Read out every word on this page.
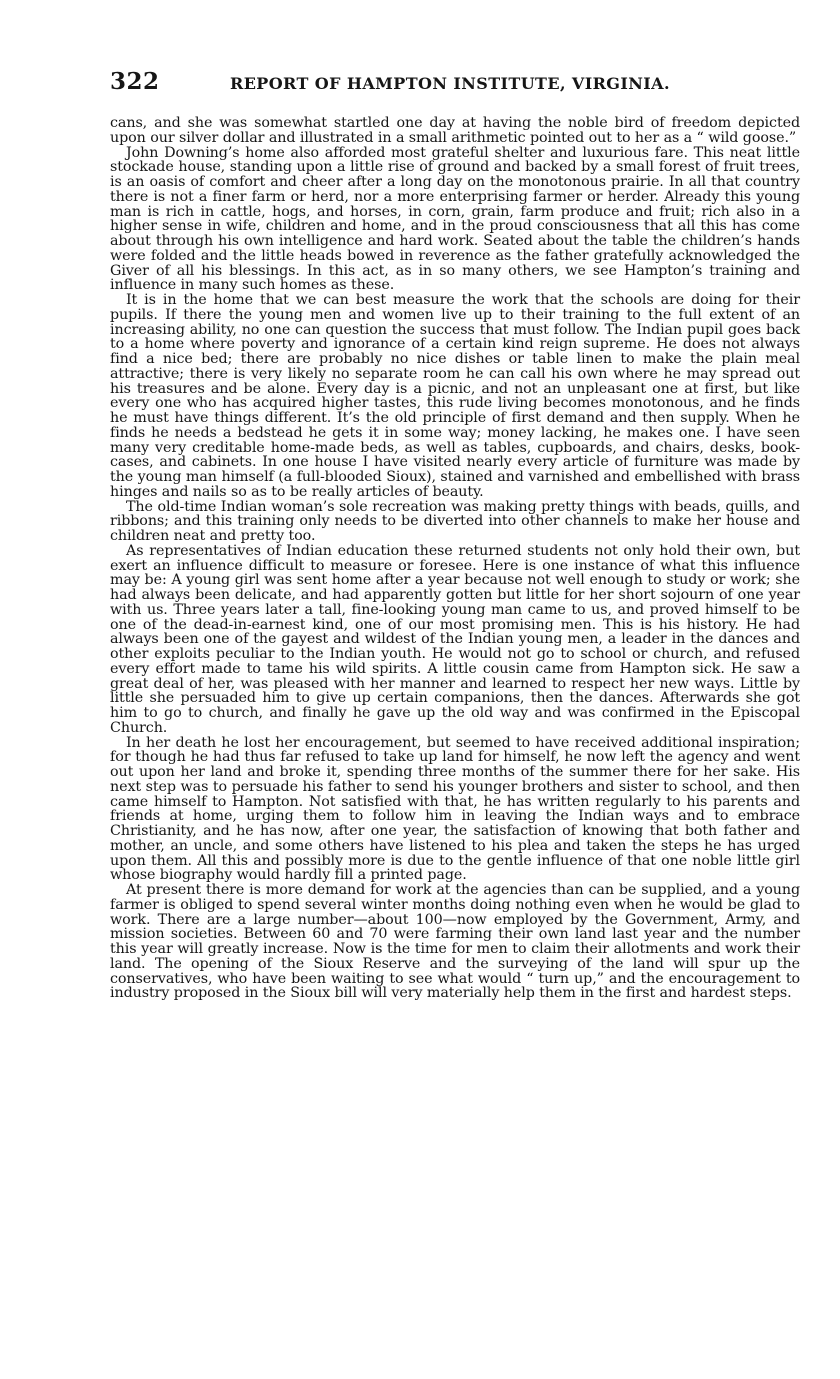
322	REPORT OF HAMPTON INSTITUTE, VIRGINIA.

cans, and she was somewhat startled one day at having the noble bird of freedom depicted upon our silver dollar and illustrated in a small arithmetic pointed out to her as a “ wild goose.”

John Downing’s home also afforded most grateful shelter and luxurious fare. This neat little stockade house, standing upon a little rise of ground and backed by a small forest of fruit trees, is an oasis of comfort and cheer after a long day on the monotonous prairie. In all that country there is not a finer farm or herd, nor a more enterprising farmer or herder. Already this young man is rich in cattle, hogs, and horses, in corn, grain, farm produce and fruit; rich also in a higher sense in wife, children and home, and in the proud consciousness that all this has come about through his own intelligence and hard work. Seated about the table the children’s hands were folded and the little heads bowed in reverence as the father gratefully acknowledged the Giver of all his blessings. In this act, as in so many others, we see Hampton’s training and influence in many such homes as these.

It is in the home that we can best measure the work that the schools are doing for their pupils. If there the young men and women live up to their training to the full extent of an increasing ability, no one can question the success that must follow. The Indian pupil goes back to a home where poverty and ignorance of a certain kind reign supreme. He does not always find a nice bed; there are probably no nice dishes or table linen to make the plain meal attractive; there is very likely no separate room he can call his own where he may spread out his treasures and be alone. Every day is a picnic, and not an unpleasant one at first, but like every one who has acquired higher tastes, this rude living becomes monotonous, and he finds he must have things different. It’s the old principle of first demand and then supply. When he finds he needs a bedstead he gets it in some way; money lacking, he makes one. I have seen many very creditable home-made beds, as well as tables, cupboards, and chairs, desks, book-cases, and cabinets. In one house I have visited nearly every article of furniture was made by the young man himself (a full-blooded Sioux), stained and varnished and embellished with brass hinges and nails so as to be really articles of beauty.

The old-time Indian woman’s sole recreation was making pretty things with beads, quills, and ribbons; and this training only needs to be diverted into other channels to make her house and children neat and pretty too.

As representatives of Indian education these returned students not only hold their own, but exert an influence difficult to measure or foresee. Here is one instance of what this influence may be: A young girl was sent home after a year because not well enough to study or work; she had always been delicate, and had apparently gotten but little for her short sojourn of one year with us. Three years later a tall, fine-looking young man came to us, and proved himself to be one of the dead-in-earnest kind, one of our most promising men. This is his history. He had always been one of the gayest and wildest of the Indian young men, a leader in the dances and other exploits peculiar to the Indian youth. He would not go to school or church, and refused every effort made to tame his wild spirits. A little cousin came from Hampton sick. He saw a great deal of her, was pleased with her manner and learned to respect her new ways. Little by little she persuaded him to give up certain companions, then the dances. Afterwards she got him to go to church, and finally he gave up the old way and was confirmed in the Episcopal Church.

In her death he lost her encouragement, but seemed to have received additional inspiration; for though he had thus far refused to take up land for himself, he now left the agency and went out upon her land and broke it, spending three months of the summer there for her sake. His next step was to persuade his father to send his younger brothers and sister to school, and then came himself to Hampton. Not satisfied with that, he has written regularly to his parents and friends at home, urging them to follow him in leaving the Indian ways and to embrace Christianity, and he has now, after one year, the satisfaction of knowing that both father and mother, an uncle, and some others have listened to his plea and taken the steps he has urged upon them. All this and possibly more is due to the gentle influence of that one noble little girl whose biography would hardly fill a printed page.

At present there is more demand for work at the agencies than can be supplied, and a young farmer is obliged to spend several winter months doing nothing even when he would be glad to work. There are a large number—about 100—now employed by the Government, Army, and mission societies. Between 60 and 70 were farming their own land last year and the number this year will greatly increase. Now is the time for men to claim their allotments and work their land. The opening of the Sioux Reserve and the surveying of the land will spur up the conservatives, who have been waiting to see what would “ turn up,” and the encouragement to industry proposed in the Sioux bill will very materially help them in the first and hardest steps.
